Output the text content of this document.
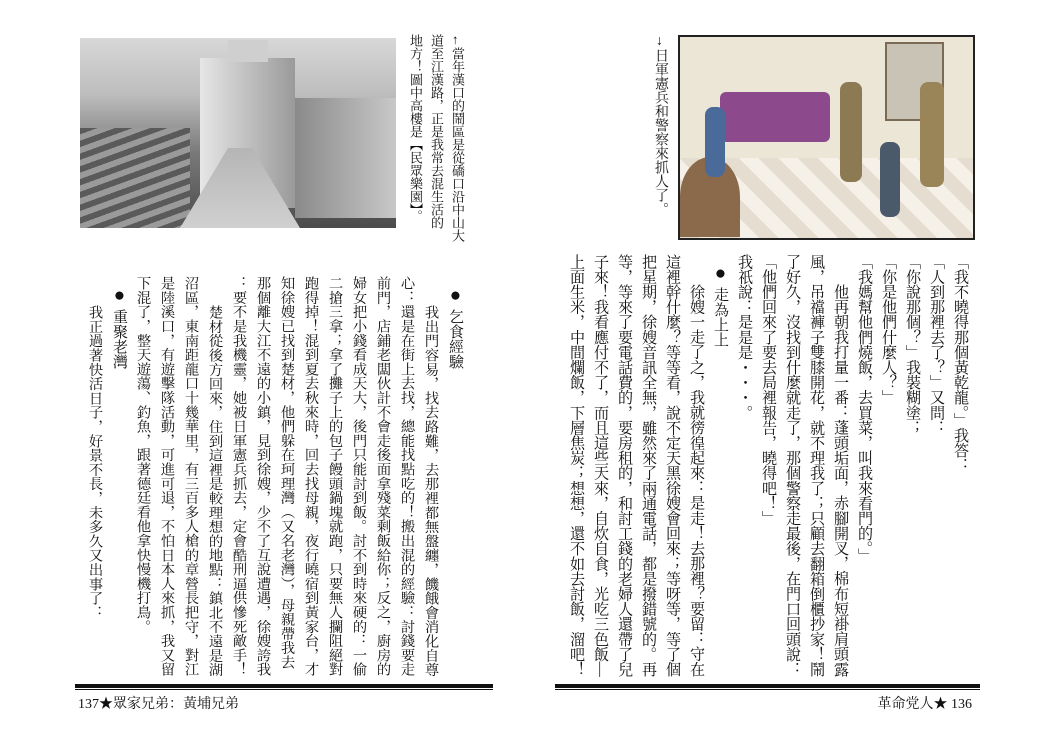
←當年漢口的鬧區是從礄口沿中山大
道至江漢路，正是我常去混生活的
地方！圖中高樓是【民眾樂園】。
●乞食經驗
我出門容易，找去路難，去那裡都無盤纏，饑餓會消化自尊
心：還是在街上去找，總能找點吃的！搬出混的經驗：討錢要走
前門，店鋪老闆伙計不會走後面拿殘菜剩飯給你；反之，廚房的
婦女把小錢看成天大，後門只能討到飯。討不到時來硬的：一偷
二搶三拿；拿了攤子上的包子饅頭鍋塊就跑，只要無人攔阻絕對
跑得掉！混到夏去秋來時，回去找母親，夜行曉宿到黃家台，才
知徐嫂已找到楚材，他們躲在珂理灣（又名老灣），母親帶我去
那個離大江不遠的小鎮，見到徐嫂，少不了互說遭遇，徐嫂誇我
：要不是我機靈，她被日軍憲兵抓去，定會酷刑逼供慘死敵手！
楚材從後方回來，住到這裡是較理想的地點：鎮北不遠是湖
沼區，東南距龍口十幾華里，有三百多人槍的章營長把守，對江
是陸溪口，有遊擊隊活動，可進可退，不怕日本人來抓，我又留
下混了，整天遊蕩、釣魚，跟著德廷看他拿快慢機打鳥。
●重聚老灣
我正過著快活日子，好景不長，未多久又出事了：
137★眾家兄弟：黃埔兄弟
→日軍憲兵和警察來抓人了。
「我不曉得那個黃乾龍。」我答：
「人到那裡去了？」又問：
「你說那個？」我裝糊塗；
「你是他們什麼人？」
「我媽幫他們燒飯，去買菜，叫我來看門的。」
他再朝我打量一番：蓬頭垢面，赤腳開叉，棉布短褂肩頭露
風，吊襠褲子雙膝開花，就不理我了；只顧去翻箱倒櫃抄家！鬧
了好久，沒找到什麼就走了，那個警察走最後，在門口回頭說：
「他們回來了要去局裡報告，曉得吧！」
我祇說：是是是・・・。
●走為上上
徐嫂一走了之，我就徬徨起來：是走！去那裡？要留：守在
這裡幹什麼？等等看，說不定天黑徐嫂會回來；等呀等，等了個
把星期，徐嫂音訊全無，雖然來了兩通電話，都是撥錯號的。再
等，等來了要電話費的，要房租的，和討工錢的老婦人還帶了兒
子來！我看應付不了，而且這些天來，自炊自食，光吃三色飯—
上面生米，中間爛飯，下層焦炭；想想，還不如去討飯，溜吧！
革命党人★ 136
